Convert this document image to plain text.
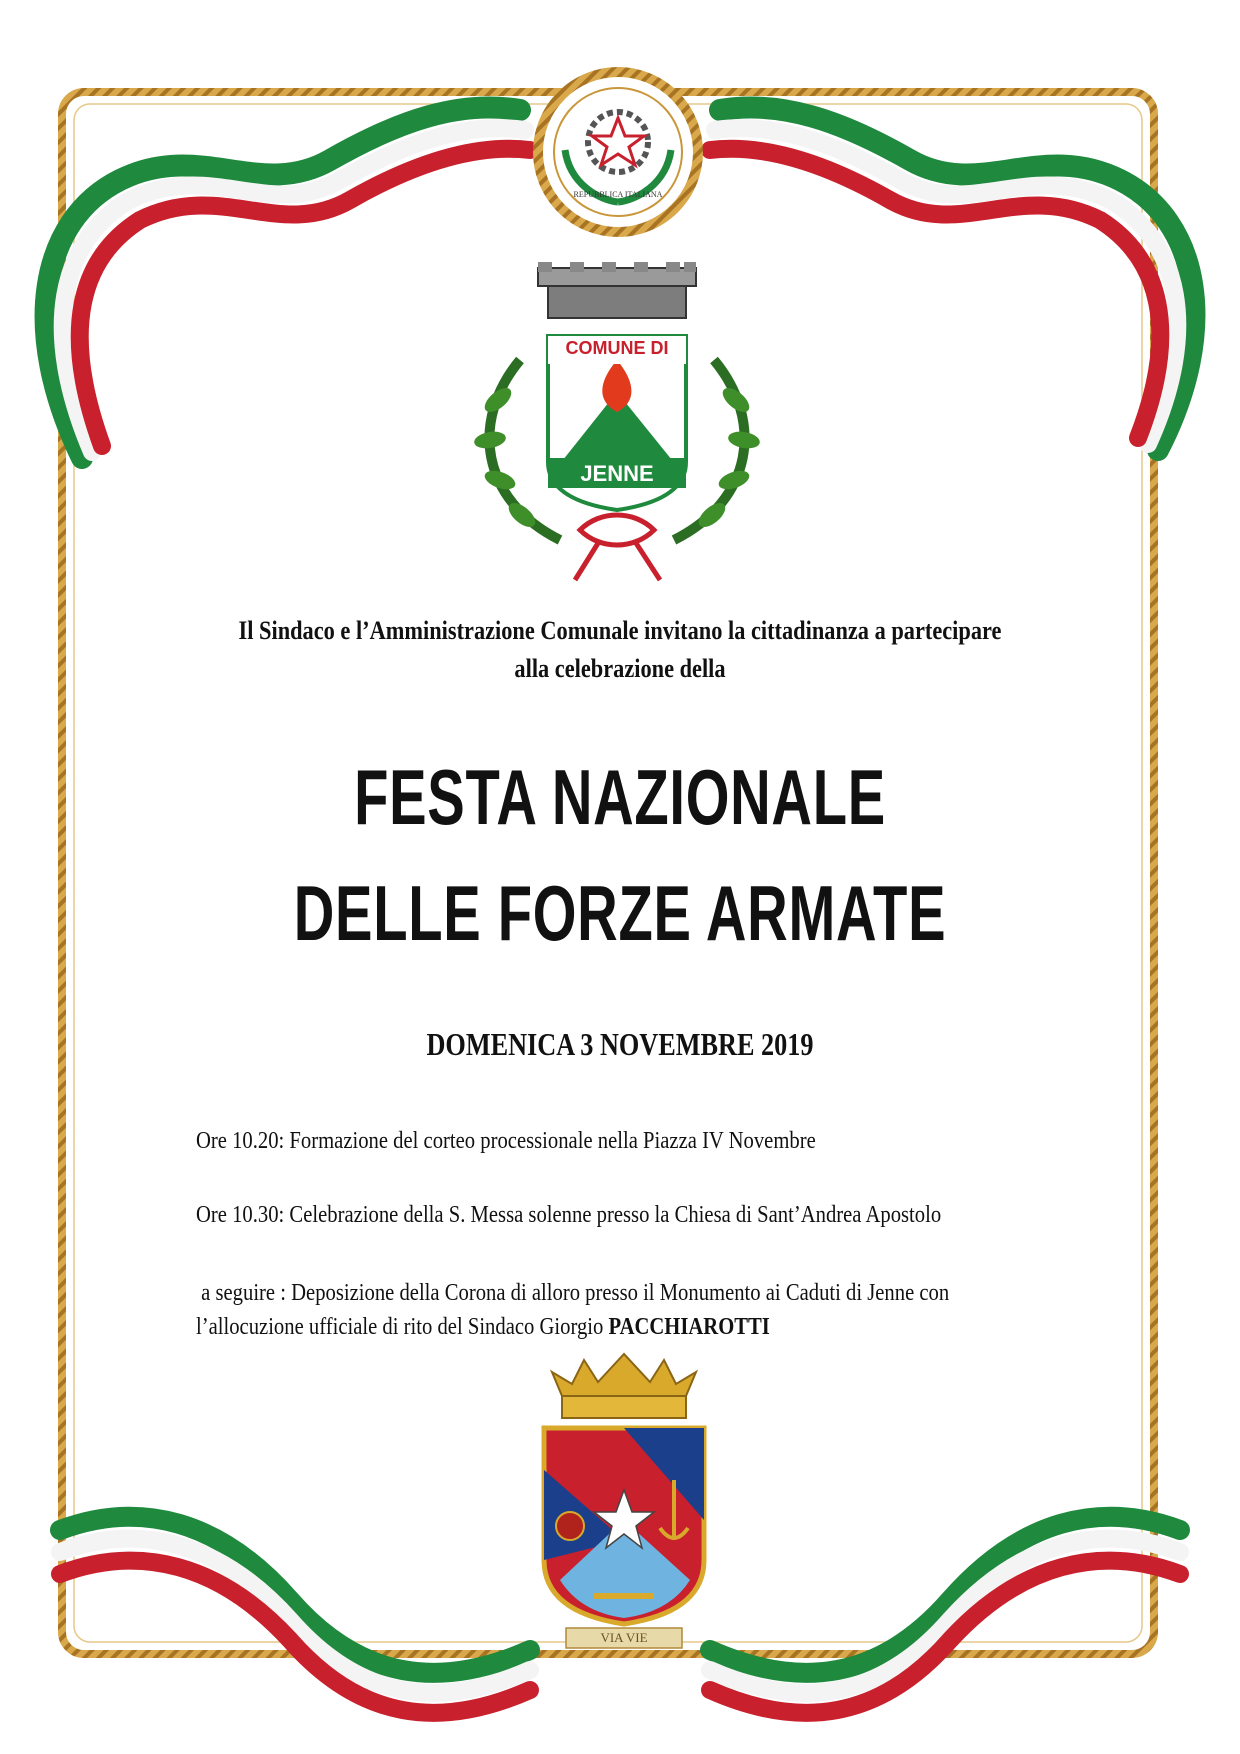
COMUNE DI
JENNE
REPUBBLICA ITALIANA
VIA VIE
Il Sindaco e l’Amministrazione Comunale invitano la cittadinanza a partecipare
alla celebrazione della
FESTA NAZIONALE
DELLE FORZE ARMATE
DOMENICA 3 NOVEMBRE 2019
Ore 10.20: Formazione del corteo processionale nella Piazza IV Novembre
Ore 10.30: Celebrazione della S. Messa solenne presso la Chiesa di Sant’Andrea Apostolo
a seguire : Deposizione della Corona di alloro presso il Monumento ai Caduti di Jenne con
l’allocuzione ufficiale di rito del Sindaco Giorgio PACCHIAROTTI
